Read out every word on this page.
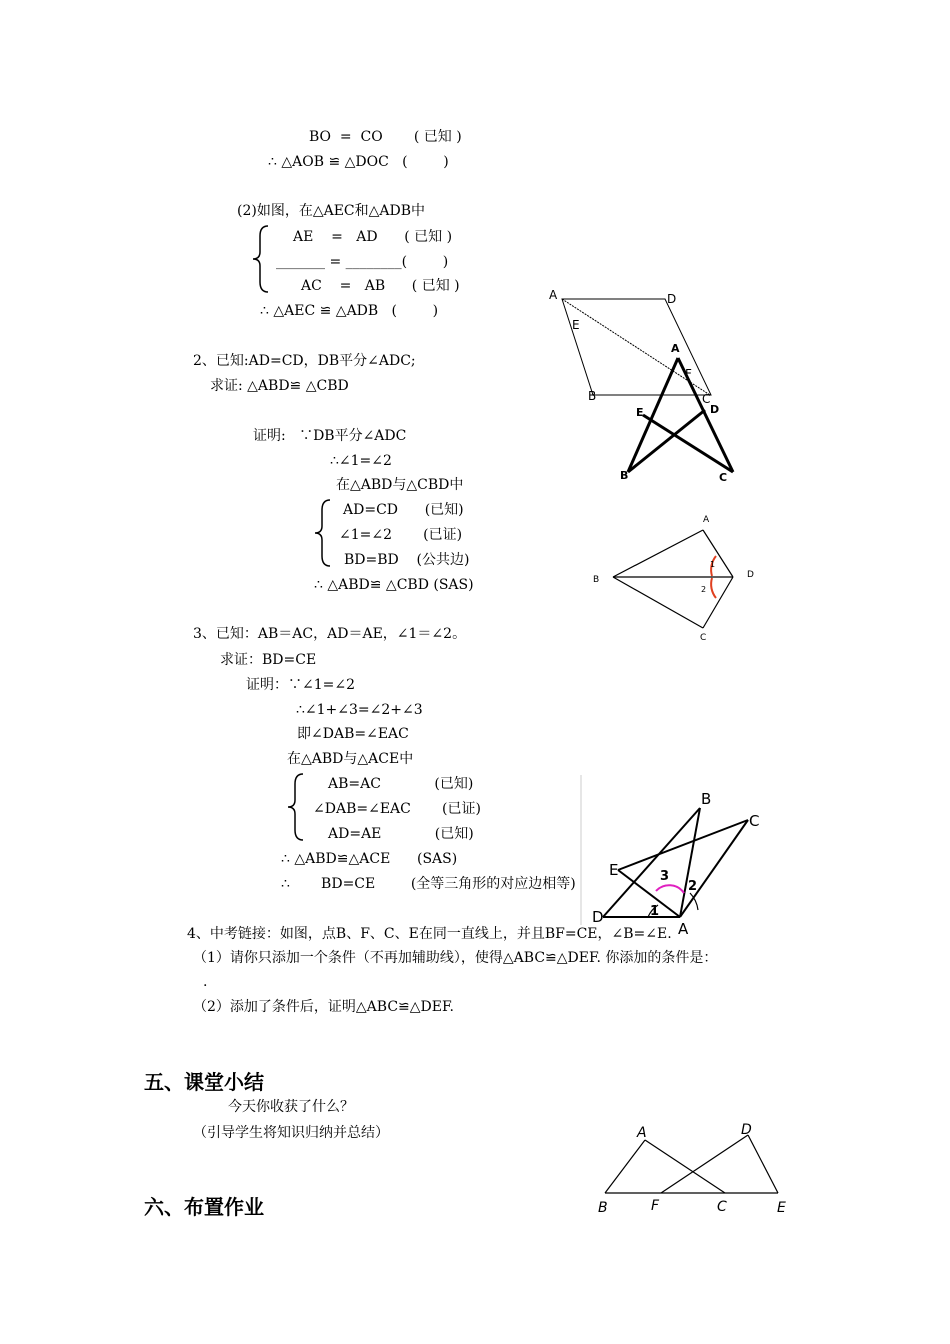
BO  =  CO       ( 已知 )
∴ △AOB ≌ △DOC   (        )
(2)如图，在△AEC和△ADB中
AE    =   AD      ( 已知 )
_______ = ________(        )
AC    =   AB      ( 已知 )
∴ △AEC ≌ △ADB   (        )
2、已知:AD=CD，DB平分∠ADC;
求证: △ABD≌ △CBD
证明:   ∵DB平分∠ADC
∴∠1=∠2
在△ABD与△CBD中
AD=CD      (已知)
∠1=∠2       (已证)
BD=BD    (公共边)
∴ △ABD≌ △CBD (SAS)
3、已知：AB＝AC，AD＝AE，∠1＝∠2。
求证：BD=CE
证明：∵∠1=∠2
∴∠1+∠3=∠2+∠3
即∠DAB=∠EAC
在△ABD与△ACE中
AB=AC            (已知)
∠DAB=∠EAC       (已证)
AD=AE            (已知)
∴ △ABD≌△ACE      (SAS)
∴       BD=CE        (全等三角形的对应边相等)
4、中考链接：如图，点B、F、C、E在同一直线上，并且BF=CE，∠B=∠E.
（1）请你只添加一个条件（不再加辅助线），使得△ABC≌△DEF. 你添加的条件是：
.
（2）添加了条件后，证明△ABC≌△DEF.
五、课堂小结
今天你收获了什么？
（引导学生将知识归纳并总结）
六、布置作业
A	D
E
F
B	C
A
B	C
D
E
A
B
C
D
1
2
B
C
E
D
A
1
2
3
A	D
B	F	C	E
